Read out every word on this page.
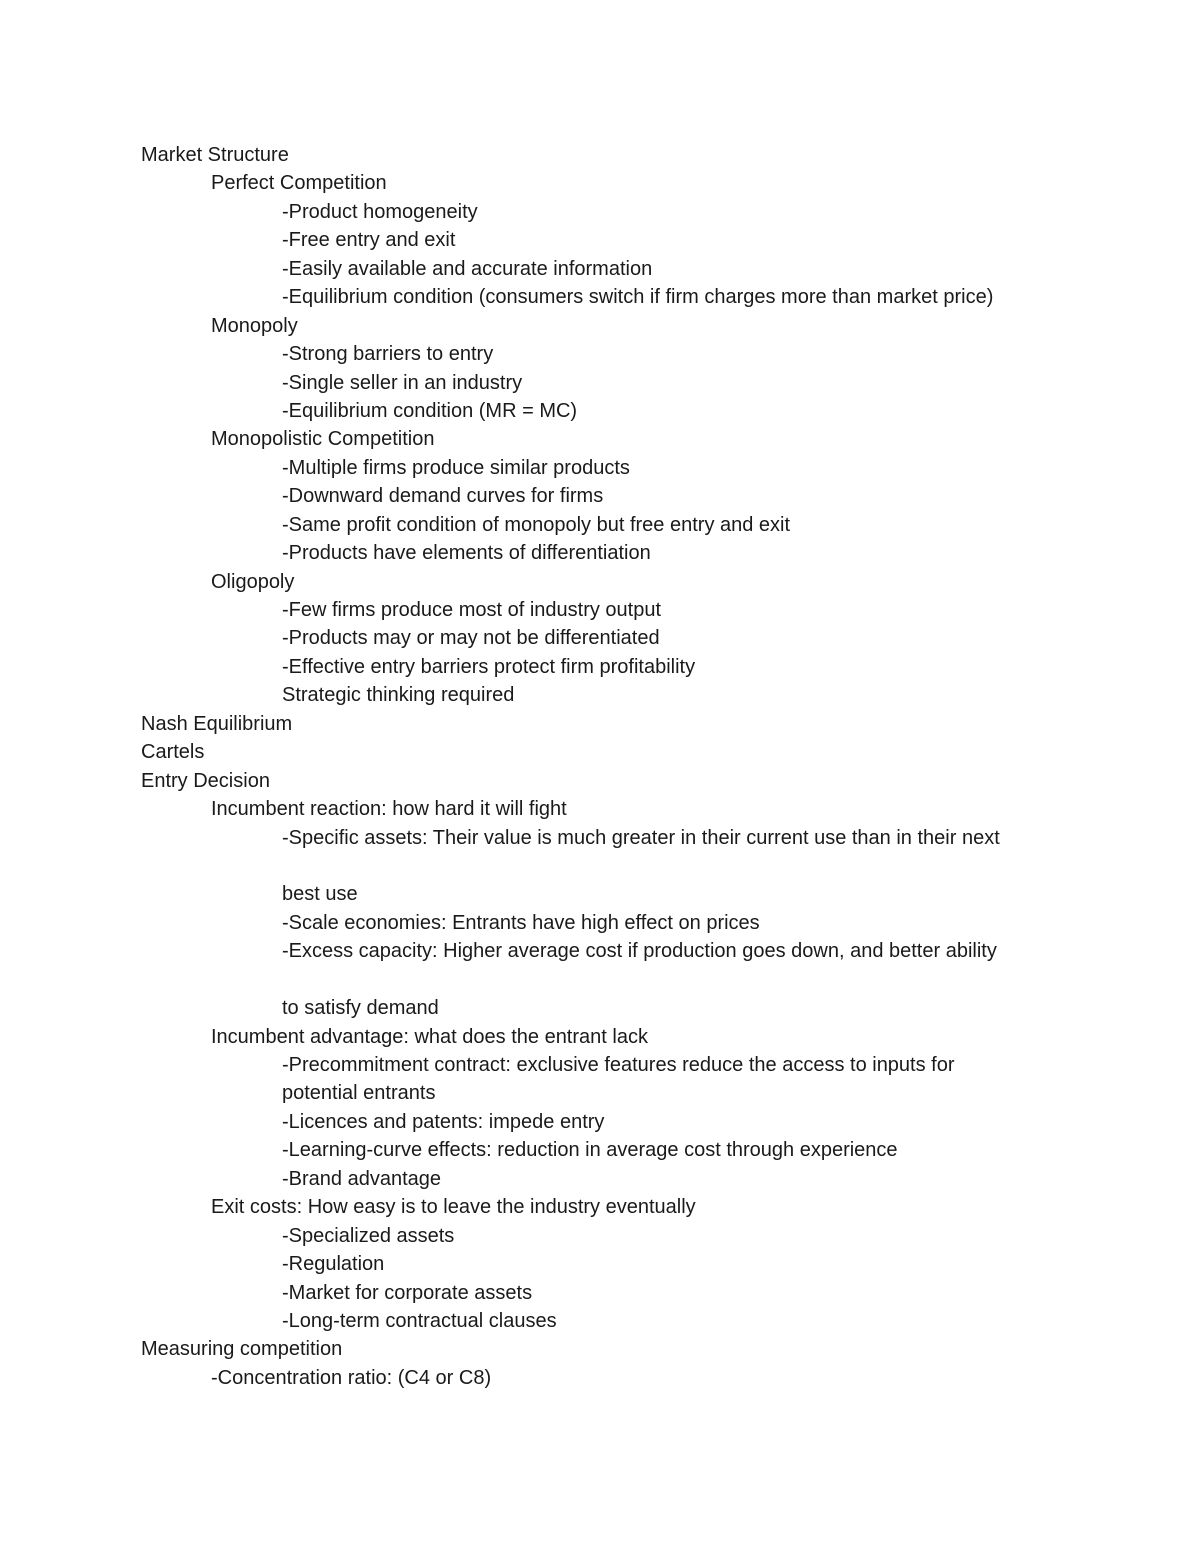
Market Structure
Perfect Competition
-Product homogeneity
-Free entry and exit
-Easily available and accurate information
-Equilibrium condition (consumers switch if firm charges more than market price)
Monopoly
-Strong barriers to entry
-Single seller in an industry
-Equilibrium condition (MR = MC)
Monopolistic Competition
-Multiple firms produce similar products
-Downward demand curves for firms
-Same profit condition of monopoly but free entry and exit
-Products have elements of differentiation
Oligopoly
-Few firms produce most of industry output
-Products may or may not be differentiated
-Effective entry barriers protect firm profitability
Strategic thinking required
Nash Equilibrium
Cartels
Entry Decision
Incumbent reaction: how hard it will fight
-Specific assets: Their value is much greater in their current use than in their next
best use
-Scale economies: Entrants have high effect on prices
-Excess capacity: Higher average cost if production goes down, and better ability
to satisfy demand
Incumbent advantage: what does the entrant lack
-Precommitment contract: exclusive features reduce the access to inputs for
potential entrants
-Licences and patents: impede entry
-Learning-curve effects: reduction in average cost through experience
-Brand advantage
Exit costs: How easy is to leave the industry eventually
-Specialized assets
-Regulation
-Market for corporate assets
-Long-term contractual clauses
Measuring competition
-Concentration ratio: (C4 or C8)
